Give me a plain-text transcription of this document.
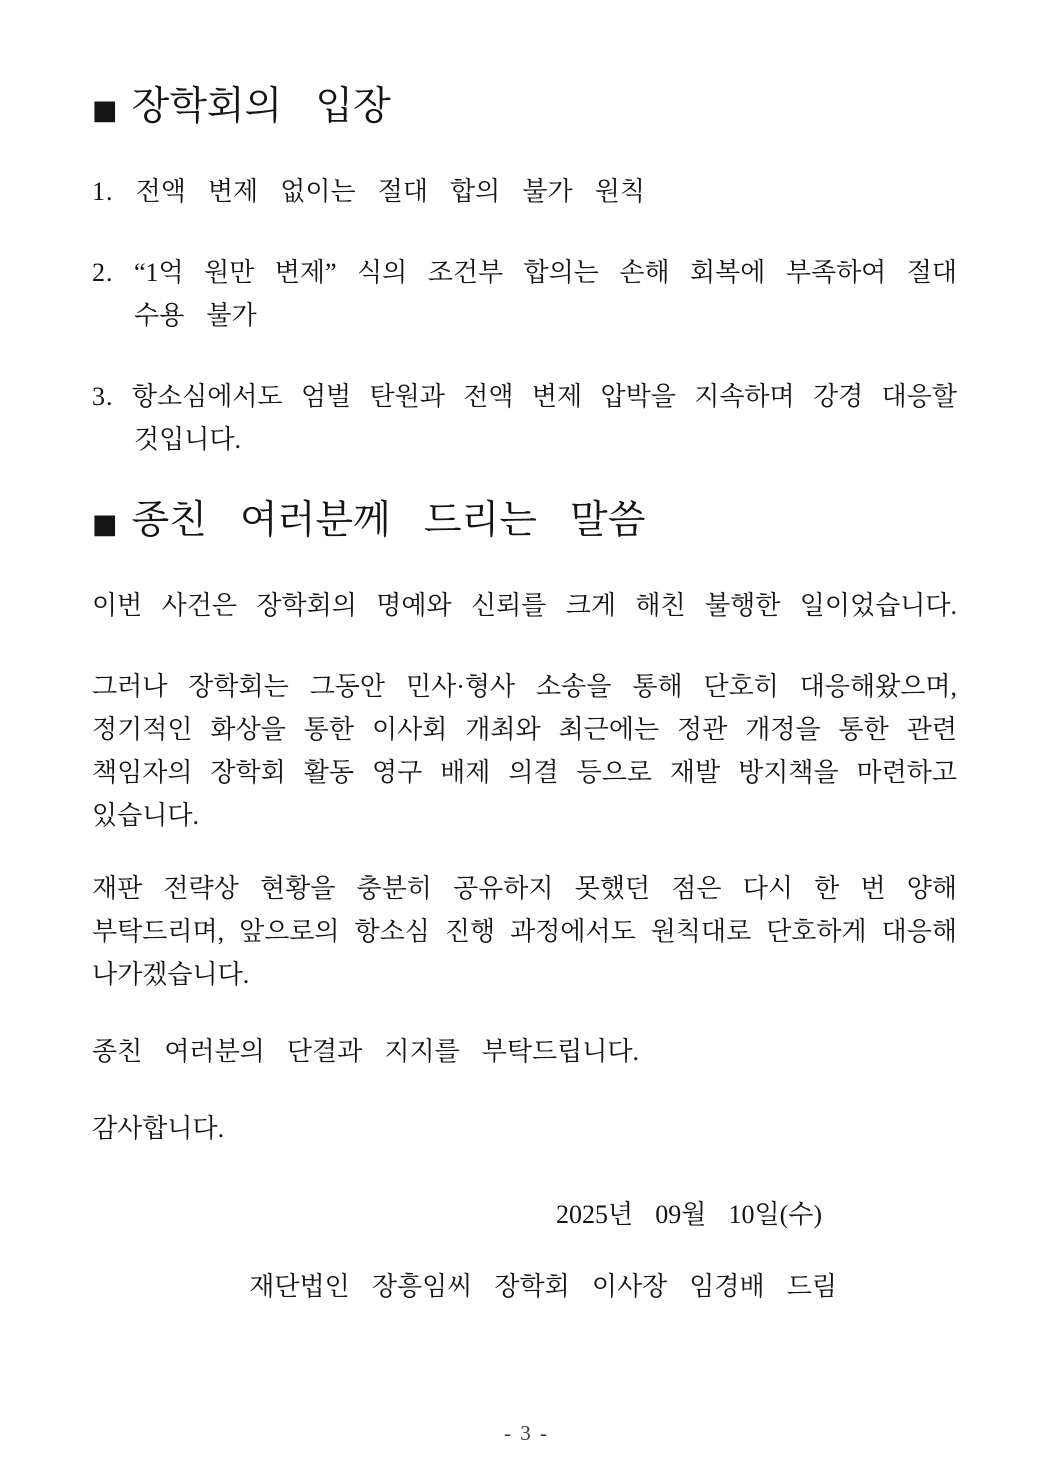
■ 장학회의 입장
1. 전액 변제 없이는 절대 합의 불가 원칙
2. “1억 원만 변제” 식의 조건부 합의는 손해 회복에 부족하여 절대
수용 불가
3. 항소심에서도 엄벌 탄원과 전액 변제 압박을 지속하며 강경 대응할
것입니다.
■ 종친 여러분께 드리는 말씀
이번 사건은 장학회의 명예와 신뢰를 크게 해친 불행한 일이었습니다.
그러나 장학회는 그동안 민사·형사 소송을 통해 단호히 대응해왔으며,
정기적인 화상을 통한 이사회 개최와 최근에는 정관 개정을 통한 관련
책임자의 장학회 활동 영구 배제 의결 등으로 재발 방지책을 마련하고
있습니다.
재판 전략상 현황을 충분히 공유하지 못했던 점은 다시 한 번 양해
부탁드리며, 앞으로의 항소심 진행 과정에서도 원칙대로 단호하게 대응해
나가겠습니다.
종친 여러분의 단결과 지지를 부탁드립니다.
감사합니다.
2025년 09월 10일(수)
재단법인 장흥임씨 장학회 이사장 임경배 드림
- 3 -
